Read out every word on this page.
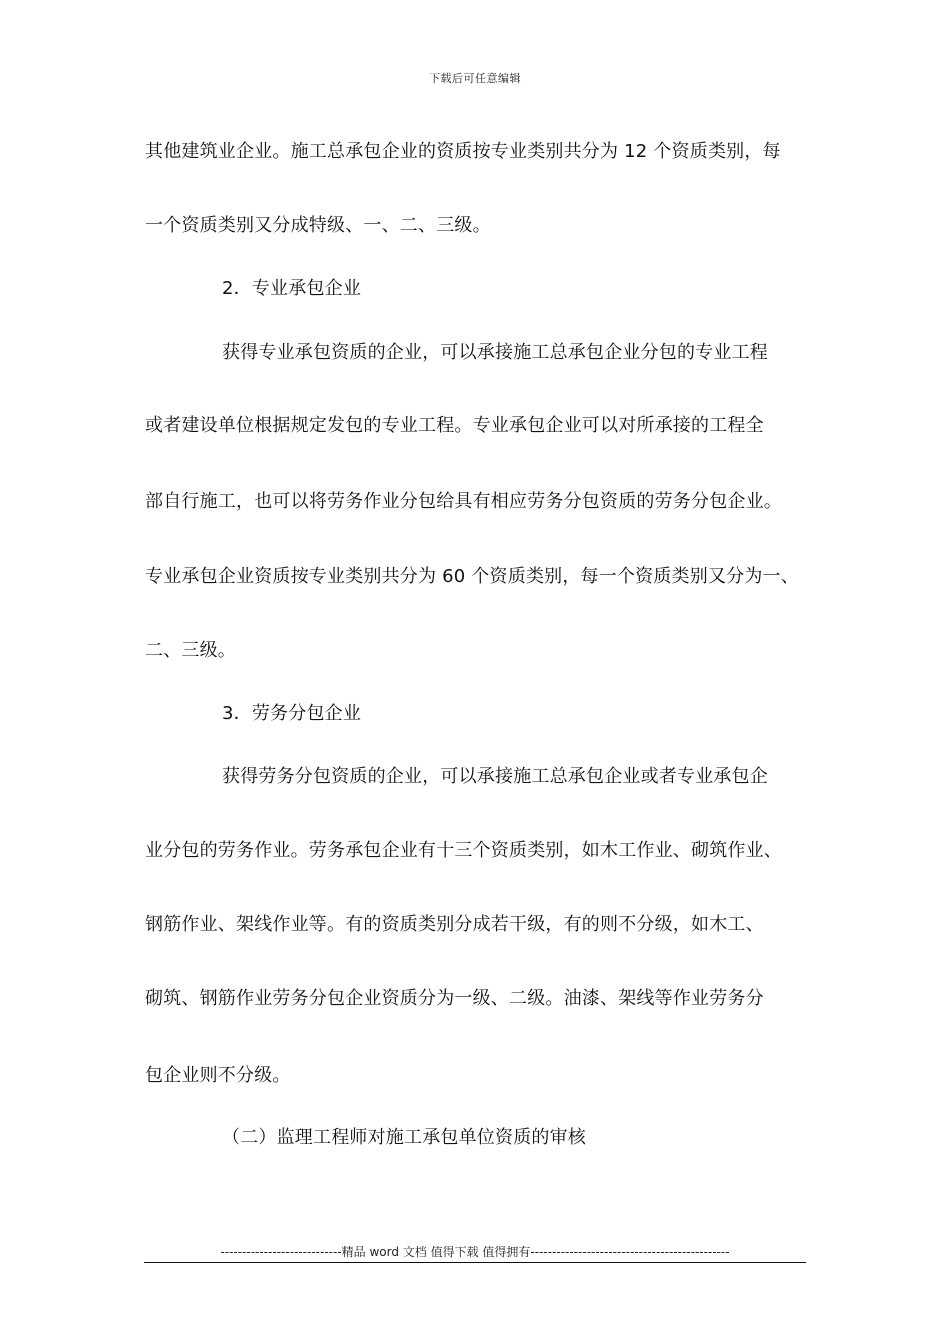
下载后可任意编辑
其他建筑业企业。施工总承包企业的资质按专业类别共分为 12 个资质类别，每
一个资质类别又分成特级、一、二、三级。
2．专业承包企业
获得专业承包资质的企业，可以承接施工总承包企业分包的专业工程
或者建设单位根据规定发包的专业工程。专业承包企业可以对所承接的工程全
部自行施工，也可以将劳务作业分包给具有相应劳务分包资质的劳务分包企业。
专业承包企业资质按专业类别共分为 60 个资质类别，每一个资质类别又分为一、
二、三级。
3．劳务分包企业
获得劳务分包资质的企业，可以承接施工总承包企业或者专业承包企
业分包的劳务作业。劳务承包企业有十三个资质类别，如木工作业、砌筑作业、
钢筋作业、架线作业等。有的资质类别分成若干级，有的则不分级，如木工、
砌筑、钢筋作业劳务分包企业资质分为一级、二级。油漆、架线等作业劳务分
包企业则不分级。
（二）监理工程师对施工承包单位资质的审核
----------------------------精品 word 文档 值得下载 值得拥有----------------------------------------------
